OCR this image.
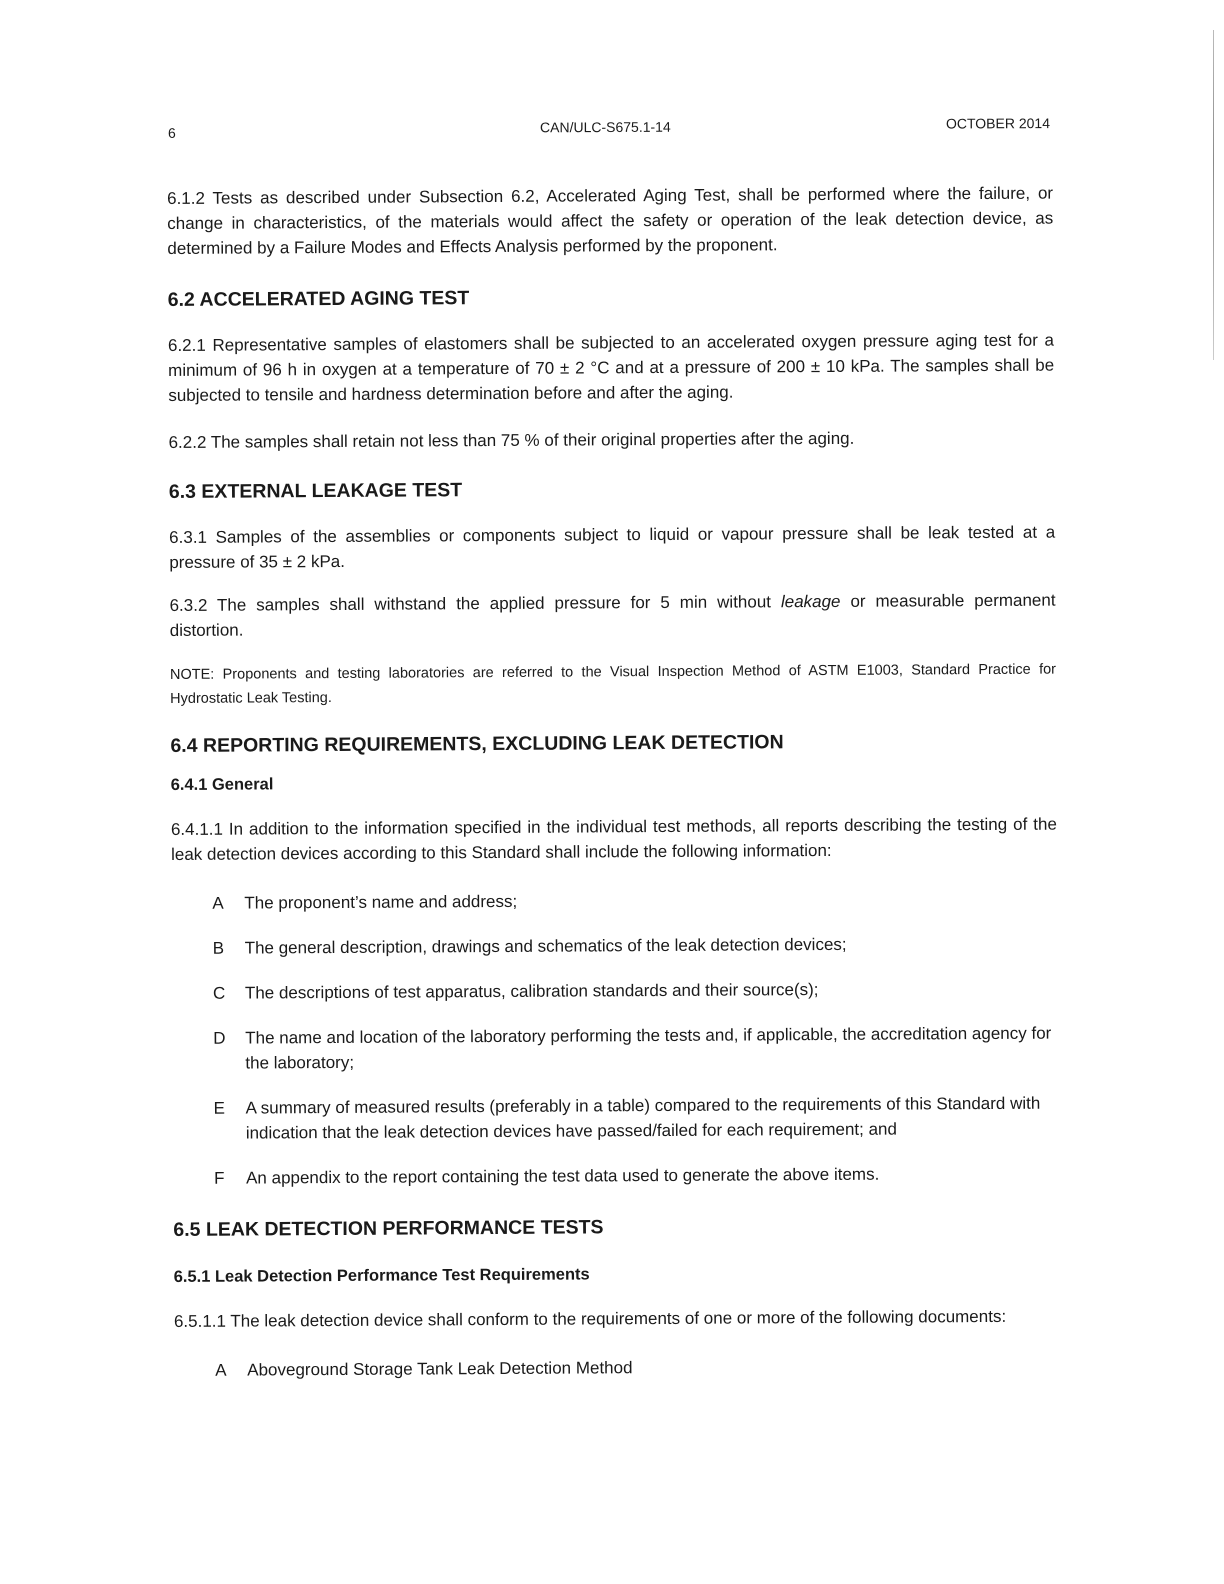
6	CAN/ULC-S675.1-14	OCTOBER 2014

6.1.2 Tests as described under Subsection 6.2, Accelerated Aging Test, shall be performed where the failure, or change in characteristics, of the materials would affect the safety or operation of the leak detection device, as determined by a Failure Modes and Effects Analysis performed by the proponent.

6.2 ACCELERATED AGING TEST

6.2.1 Representative samples of elastomers shall be subjected to an accelerated oxygen pressure aging test for a minimum of 96 h in oxygen at a temperature of 70 ± 2 °C and at a pressure of 200 ± 10 kPa. The samples shall be subjected to tensile and hardness determination before and after the aging.

6.2.2 The samples shall retain not less than 75 % of their original properties after the aging.

6.3 EXTERNAL LEAKAGE TEST

6.3.1 Samples of the assemblies or components subject to liquid or vapour pressure shall be leak tested at a pressure of 35 ± 2 kPa.

6.3.2 The samples shall withstand the applied pressure for 5 min without leakage or measurable permanent distortion.

NOTE: Proponents and testing laboratories are referred to the Visual Inspection Method of ASTM E1003, Standard Practice for Hydrostatic Leak Testing.

6.4 REPORTING REQUIREMENTS, EXCLUDING LEAK DETECTION
6.4.1 General

6.4.1.1 In addition to the information specified in the individual test methods, all reports describing the testing of the leak detection devices according to this Standard shall include the following information:

A The proponent’s name and address;
B The general description, drawings and schematics of the leak detection devices;
C The descriptions of test apparatus, calibration standards and their source(s);
D The name and location of the laboratory performing the tests and, if applicable, the accreditation agency for the laboratory;
E A summary of measured results (preferably in a table) compared to the requirements of this Standard with indication that the leak detection devices have passed/failed for each requirement; and
F An appendix to the report containing the test data used to generate the above items.
6.5 LEAK DETECTION PERFORMANCE TESTS
6.5.1 Leak Detection Performance Test Requirements

6.5.1.1 The leak detection device shall conform to the requirements of one or more of the following documents:

A Aboveground Storage Tank Leak Detection Method
